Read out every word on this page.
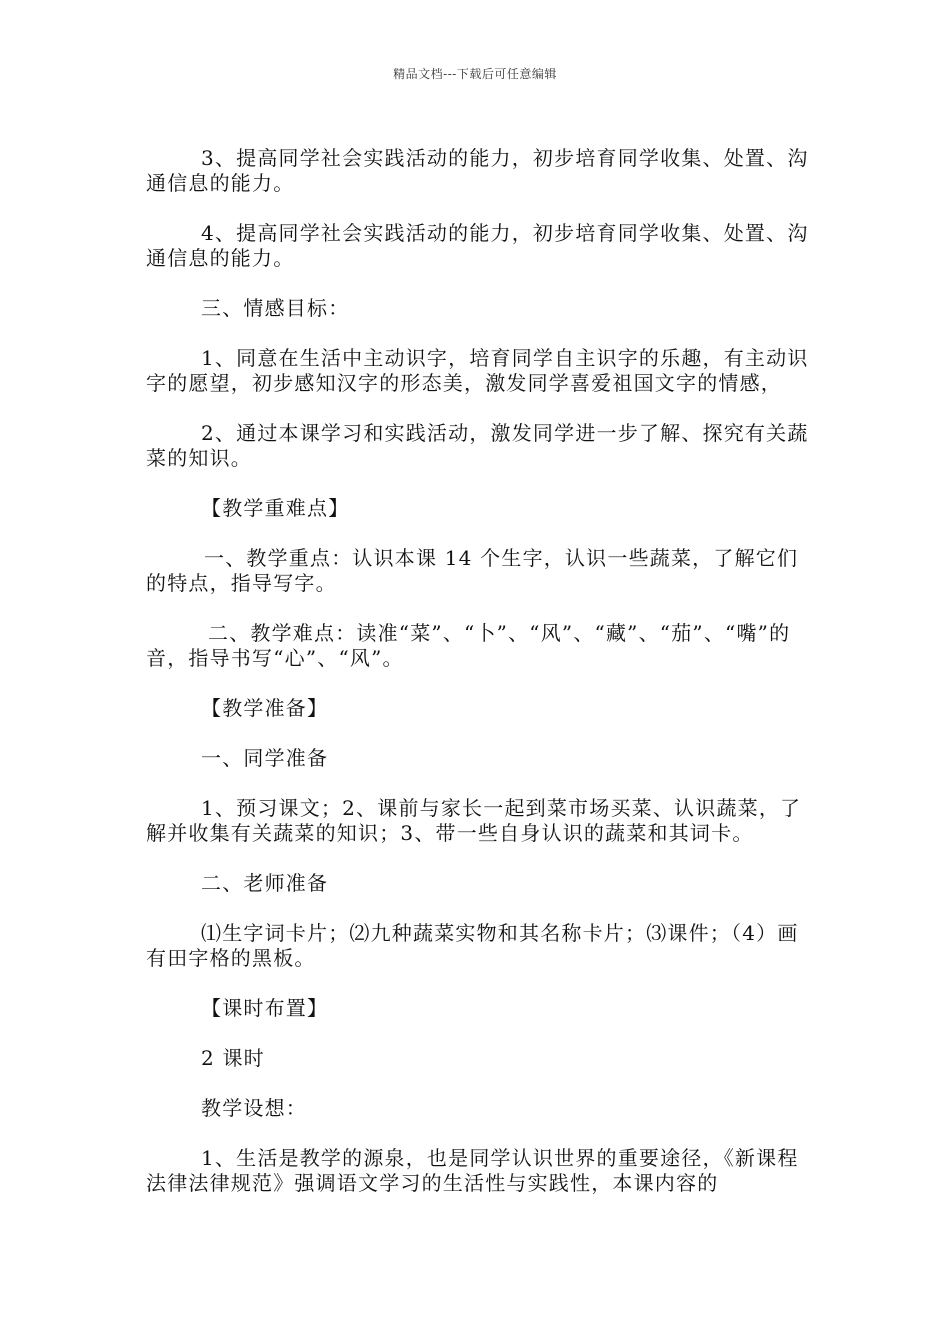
精品文档---下载后可任意编辑

3、提高同学社会实践活动的能力，初步培育同学收集、处置、沟通信息的能力。

4、提高同学社会实践活动的能力，初步培育同学收集、处置、沟通信息的能力。

三、情感目标：

1、同意在生活中主动识字，培育同学自主识字的乐趣，有主动识字的愿望，初步感知汉字的形态美，激发同学喜爱祖国文字的情感，

2、通过本课学习和实践活动，激发同学进一步了解、探究有关蔬菜的知识。

【教学重难点】

一、教学重点：认识本课 14 个生字，认识一些蔬菜，了解它们的特点，指导写字。

二、教学难点：读准“菜”、“卜”、“风”、“藏”、“茄”、“嘴”的音，指导书写“心”、“风”。

【教学准备】

一、同学准备

1、预习课文；2、课前与家长一起到菜市场买菜、认识蔬菜，了解并收集有关蔬菜的知识；3、带一些自身认识的蔬菜和其词卡。

二、老师准备

⑴生字词卡片；⑵九种蔬菜实物和其名称卡片；⑶课件；（4）画有田字格的黑板。

【课时布置】

2 课时

教学设想：

1、生活是教学的源泉，也是同学认识世界的重要途径，《新课程法律法律规范》强调语文学习的生活性与实践性，本课内容的
